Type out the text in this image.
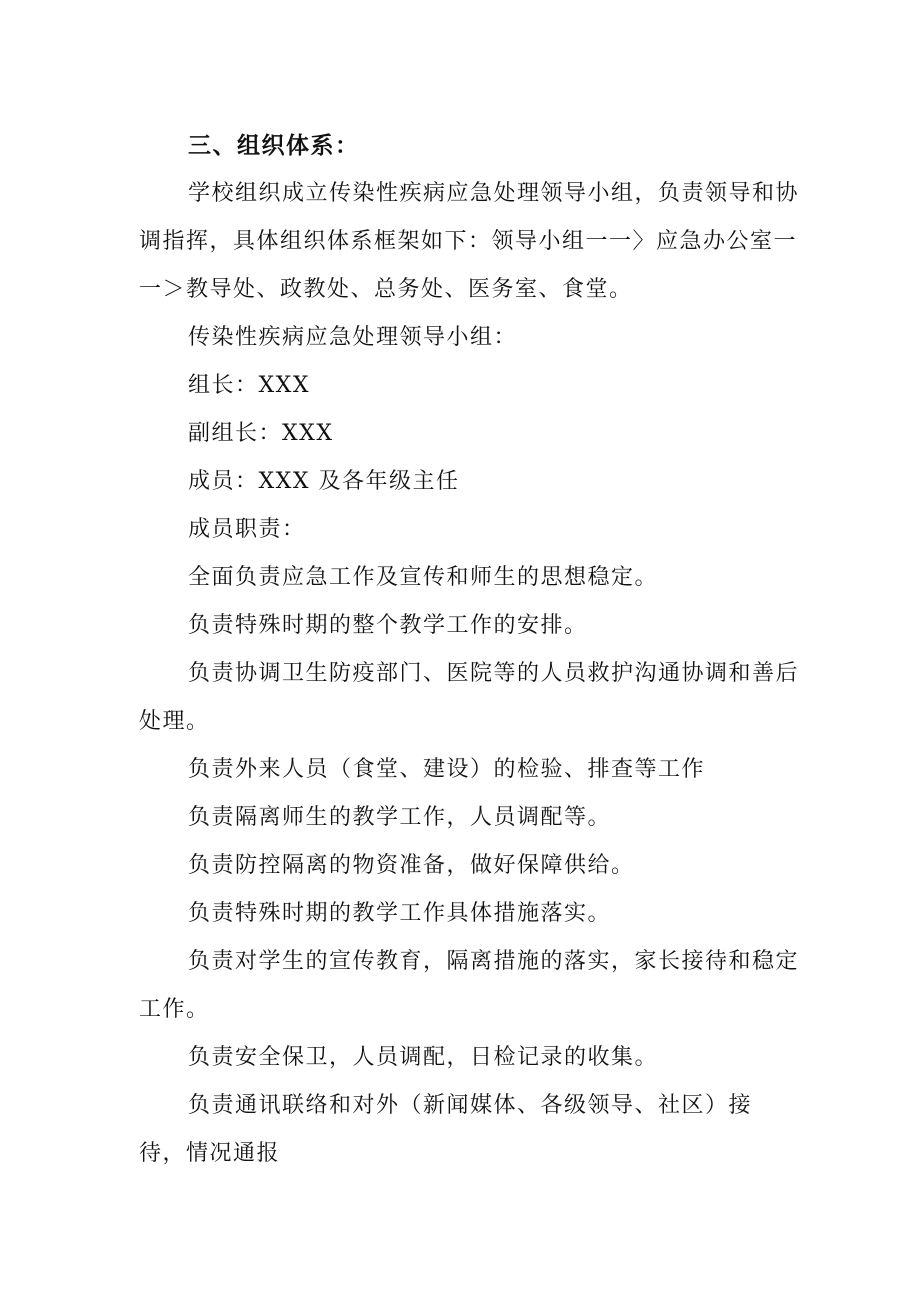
三、组织体系：

学校组织成立传染性疾病应急处理领导小组，负责领导和协
调指挥，具体组织体系框架如下：领导小组一一〉应急办公室一
一＞教导处、政教处、总务处、医务室、食堂。

传染性疾病应急处理领导小组：

组长：XXX

副组长：XXX

成员：XXX 及各年级主任

成员职责：

全面负责应急工作及宣传和师生的思想稳定。

负责特殊时期的整个教学工作的安排。

负责协调卫生防疫部门、医院等的人员救护沟通协调和善后
处理。

负责外来人员（食堂、建设）的检验、排查等工作

负责隔离师生的教学工作，人员调配等。

负责防控隔离的物资准备，做好保障供给。

负责特殊时期的教学工作具体措施落实。

负责对学生的宣传教育，隔离措施的落实，家长接待和稳定
工作。

负责安全保卫，人员调配，日检记录的收集。

负责通讯联络和对外（新闻媒体、各级领导、社区）接
待，情况通报
